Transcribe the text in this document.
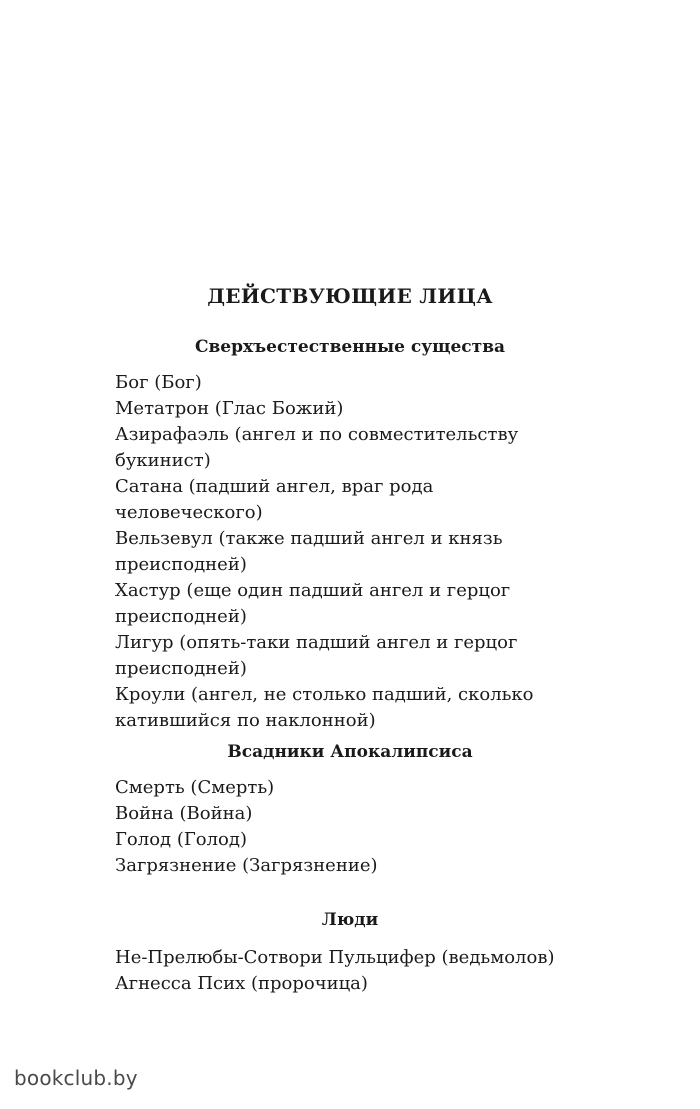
ДЕЙСТВУЮЩИЕ ЛИЦА
Сверхъестественные существа
Бог (Бог)
Метатрон (Глас Божий)
Азирафаэль (ангел и по совместительству букинист)
Сатана (падший ангел, враг рода человеческого)
Вельзевул (также падший ангел и князь преисподней)
Хастур (еще один падший ангел и герцог преисподней)
Лигур (опять-таки падший ангел и герцог преисподней)
Кроули (ангел, не столько падший, сколько катившийся по наклонной)
Всадники Апокалипсиса
Смерть (Смерть)
Война (Война)
Голод (Голод)
Загрязнение (Загрязнение)
Люди
Не-Прелюбы-Сотвори Пульцифер (ведьмолов)
Агнесса Псих (пророчица)
bookclub.by
